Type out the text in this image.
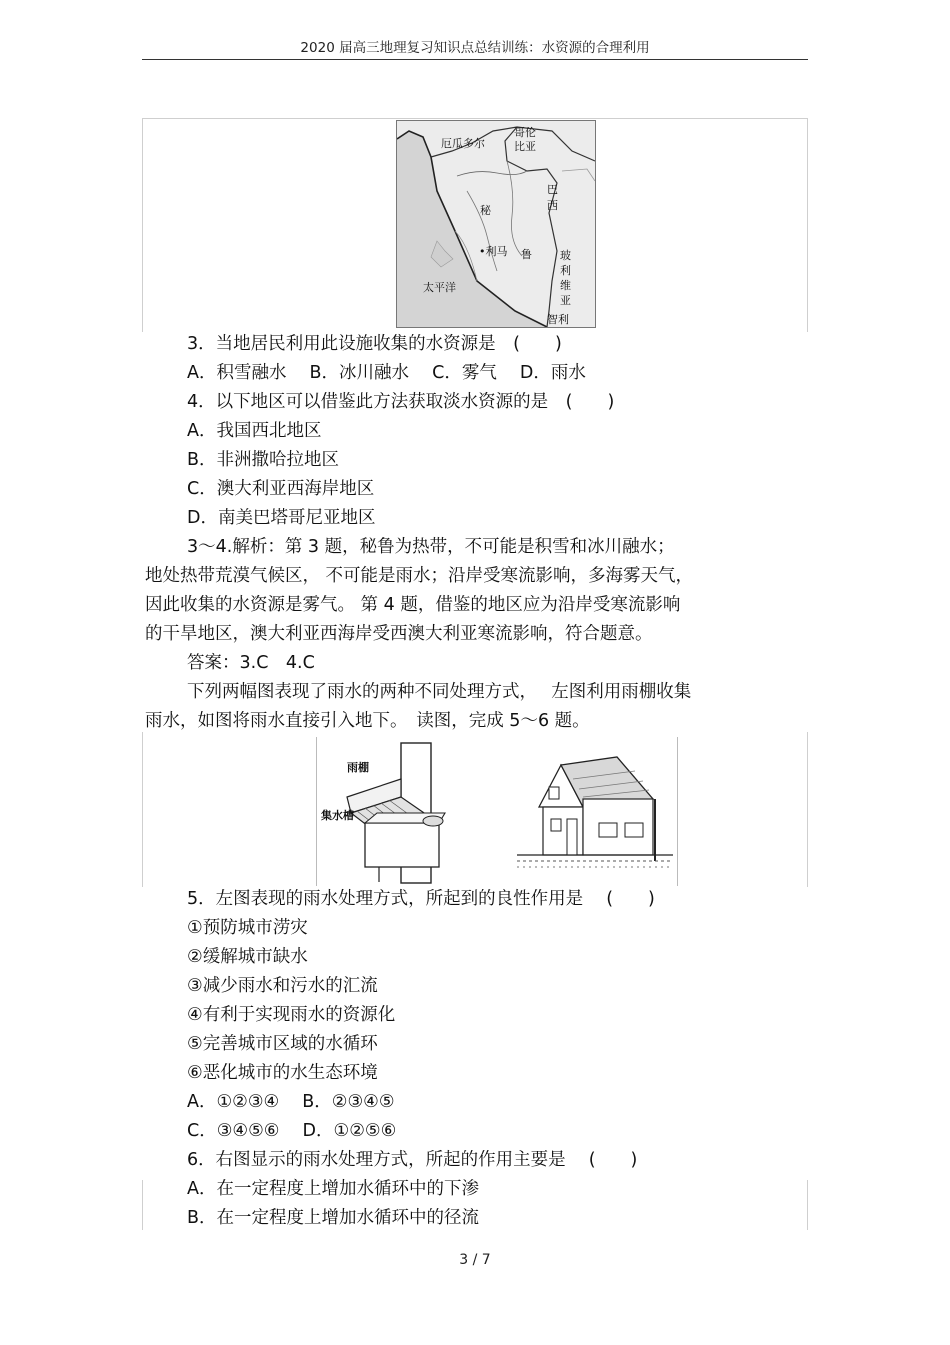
2020 届高三地理复习知识点总结训练：水资源的合理利用
厄瓜多尔
哥伦
比亚
巴
西
秘
鲁
•利马	玻
利
维
亚
太平洋
智利
3．当地居民利用此设施收集的水资源是　(　　)
A．积雪融水　 B．冰川融水　 C．雾气　 D．雨水
4．以下地区可以借鉴此方法获取淡水资源的是　(　　)
A．我国西北地区
B．非洲撒哈拉地区
C．澳大利亚西海岸地区
D．南美巴塔哥尼亚地区
3～4.解析：第 3 题，秘鲁为热带，不可能是积雪和冰川融水；
地处热带荒漠气候区， 不可能是雨水；沿岸受寒流影响，多海雾天气，
因此收集的水资源是雾气。 第 4 题，借鉴的地区应为沿岸受寒流影响
的干旱地区，澳大利亚西海岸受西澳大利亚寒流影响，符合题意。
答案：3.C　4.C
下列两幅图表现了雨水的两种不同处理方式，　 左图利用雨棚收集
雨水，如图将雨水直接引入地下。　读图，完成 5～6 题。
雨棚
集水槽
5．左图表现的雨水处理方式，所起到的良性作用是　 (　　)
①预防城市涝灾
②缓解城市缺水
③减少雨水和污水的汇流
④有利于实现雨水的资源化
⑤完善城市区域的水循环
⑥恶化城市的水生态环境
A．①②③④　 B．②③④⑤
C．③④⑤⑥　 D．①②⑤⑥
6．右图显示的雨水处理方式，所起的作用主要是　 (　　)
A．在一定程度上增加水循环中的下渗
B．在一定程度上增加水循环中的径流
3 / 7
